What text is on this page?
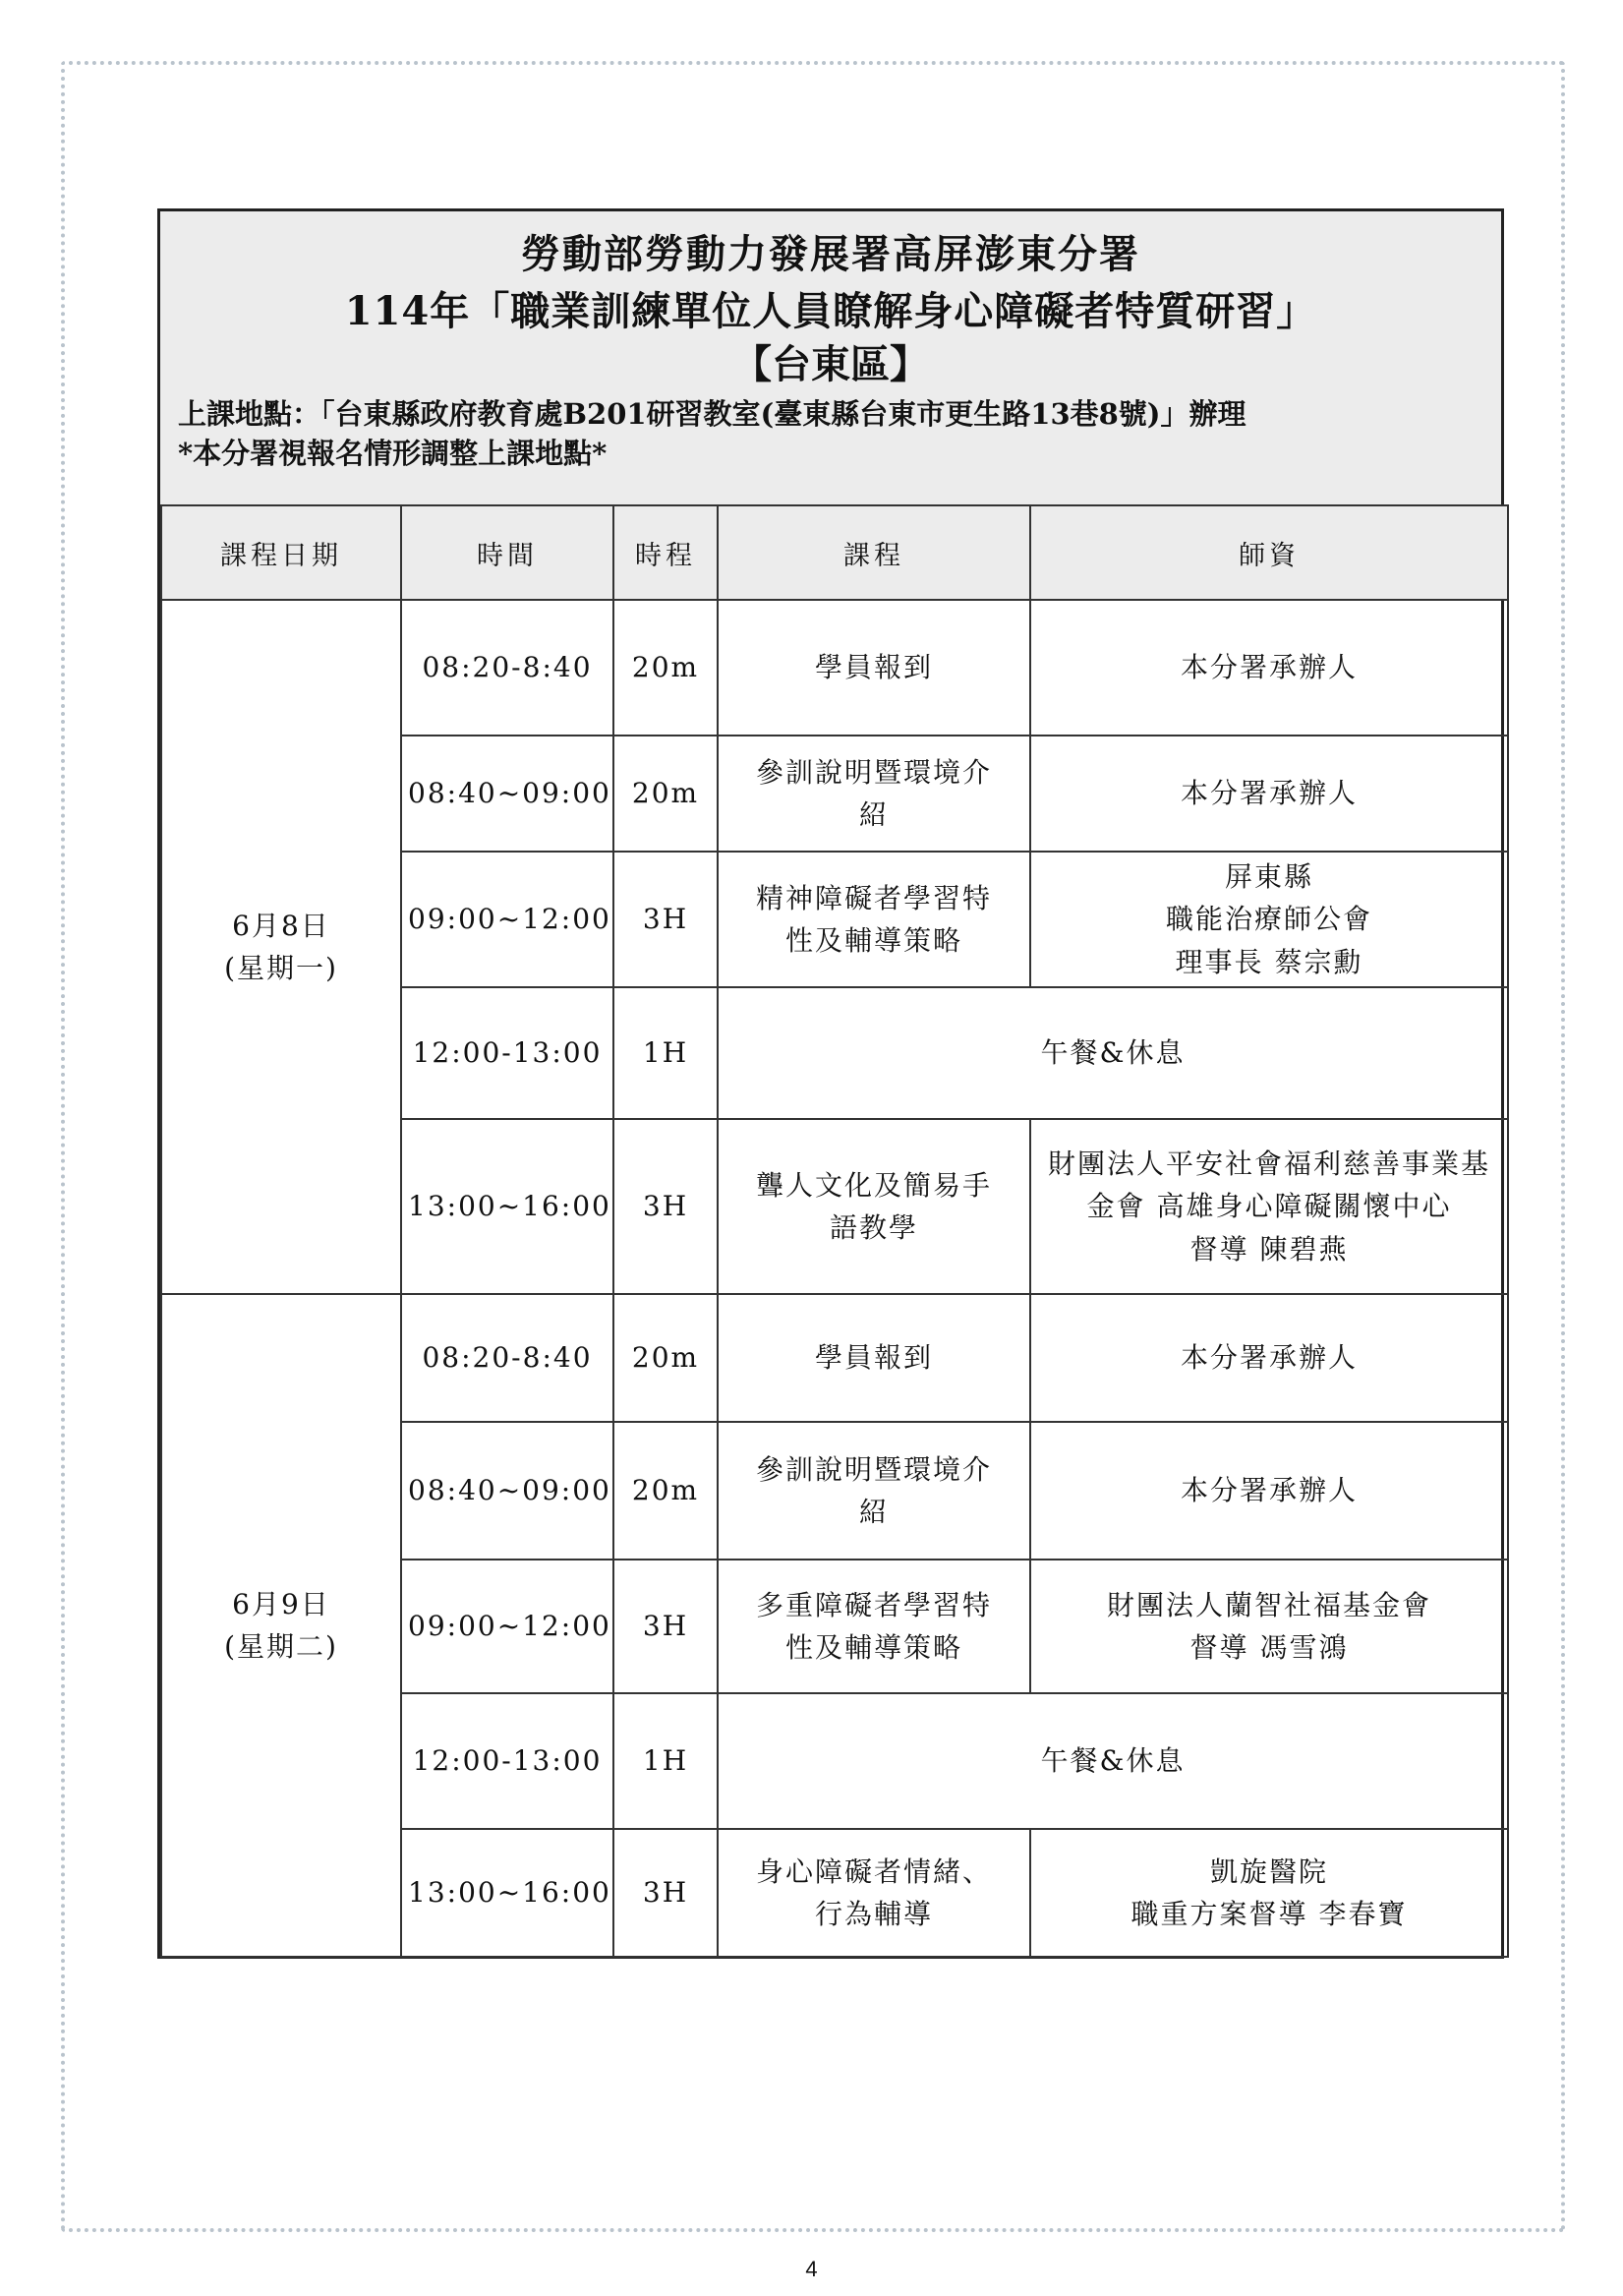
勞動部勞動力發展署高屏澎東分署
114年「職業訓練單位人員瞭解身心障礙者特質研習」
【台東區】
上課地點：「台東縣政府教育處B201研習教室(臺東縣台東市更生路13巷8號)」辦理
*本分署視報名情形調整上課地點*
課程日期	時間	時程	課程	師資

6月8日
(星期一)	08:20-8:40	20m	學員報到	本分署承辦人
	08:40~09:00	20m	參訓說明暨環境介紹	本分署承辦人
	09:00~12:00	3H	精神障礙者學習特性及輔導策略	屏東縣
職能治療師公會
理事長 蔡宗勳
	12:00-13:00	1H	午餐&休息	
	13:00~16:00	3H	聾人文化及簡易手語教學	財團法人平安社會福利慈善事業基金會 高雄身心障礙關懷中心
督導 陳碧燕

6月9日
(星期二)	08:20-8:40	20m	學員報到	本分署承辦人
	08:40~09:00	20m	參訓說明暨環境介紹	本分署承辦人
	09:00~12:00	3H	多重障礙者學習特性及輔導策略	財團法人蘭智社福基金會
督導 馮雪鴻
	12:00-13:00	1H	午餐&休息	
	13:00~16:00	3H	身心障礙者情緒、行為輔導	凱旋醫院
職重方案督導 李春寶
4
